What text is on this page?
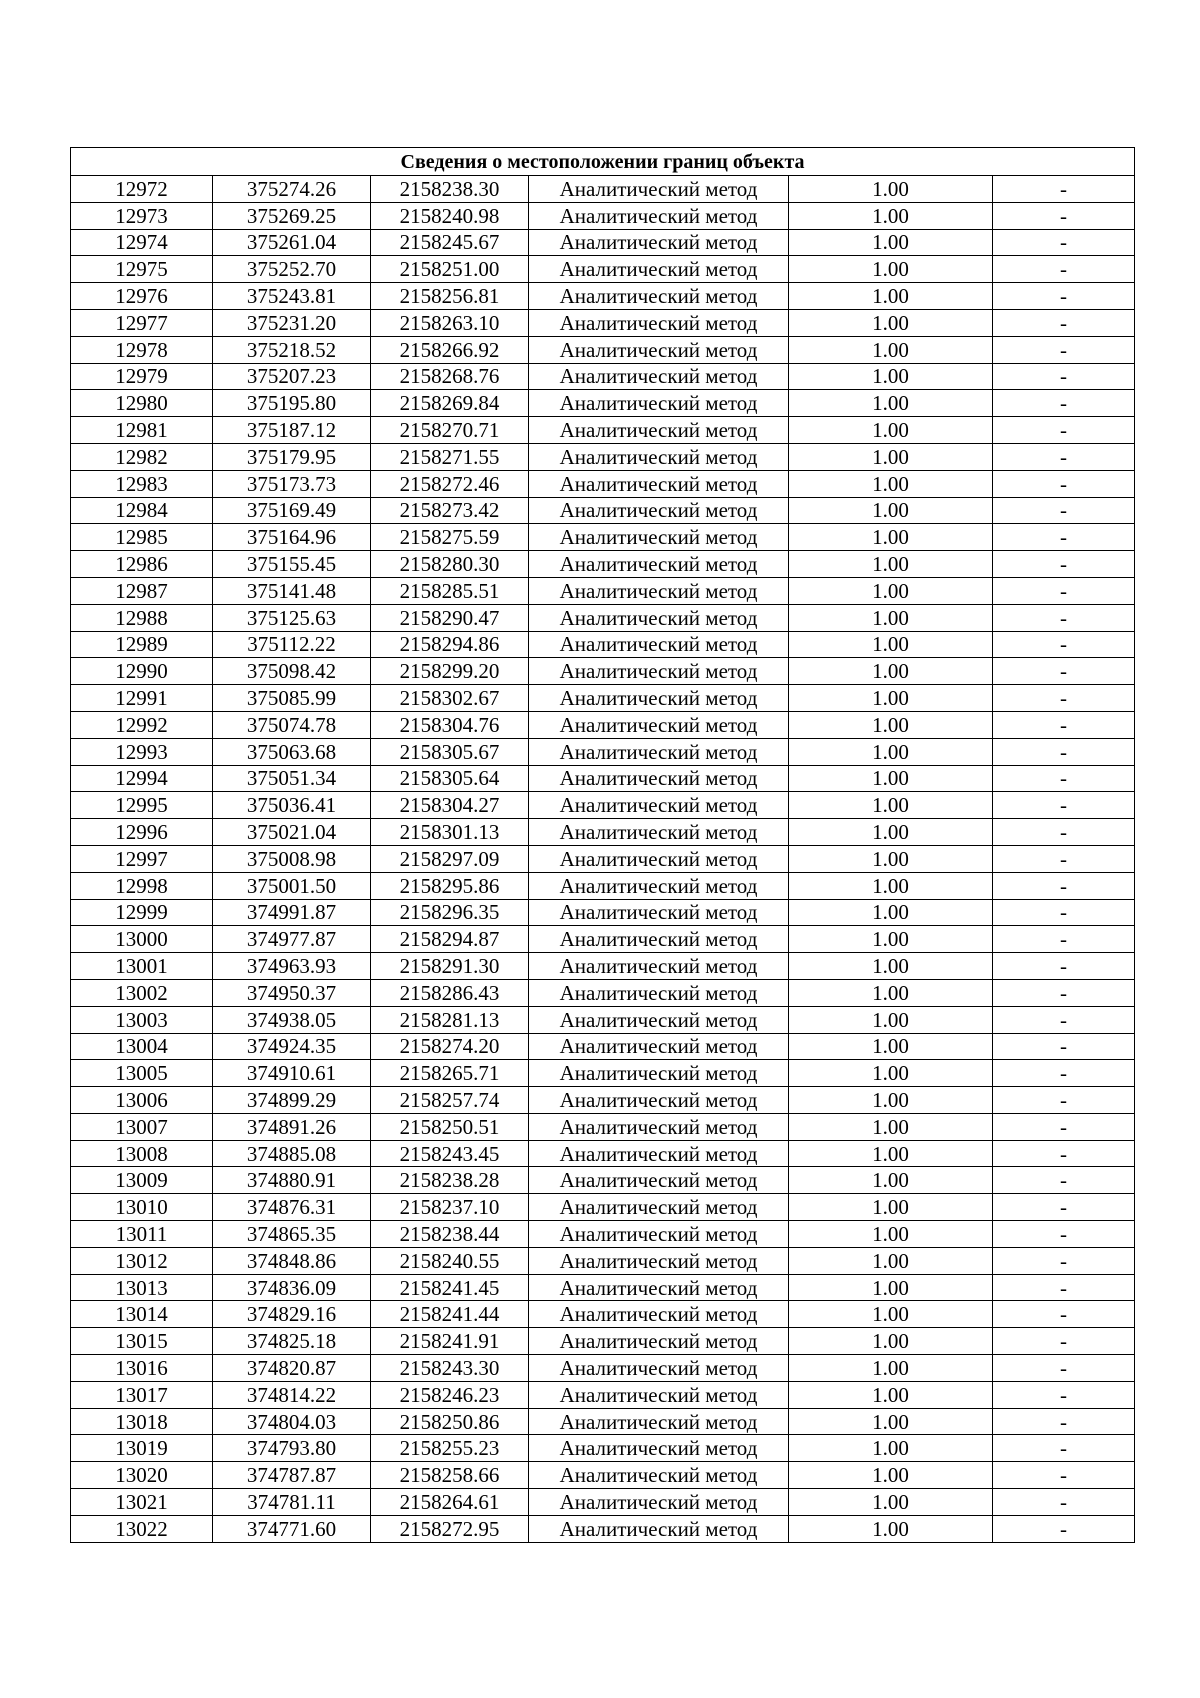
Сведения о местоположении границ объекта					
12972	375274.26	2158238.30	Аналитический метод	1.00	-
12973	375269.25	2158240.98	Аналитический метод	1.00	-
12974	375261.04	2158245.67	Аналитический метод	1.00	-
12975	375252.70	2158251.00	Аналитический метод	1.00	-
12976	375243.81	2158256.81	Аналитический метод	1.00	-
12977	375231.20	2158263.10	Аналитический метод	1.00	-
12978	375218.52	2158266.92	Аналитический метод	1.00	-
12979	375207.23	2158268.76	Аналитический метод	1.00	-
12980	375195.80	2158269.84	Аналитический метод	1.00	-
12981	375187.12	2158270.71	Аналитический метод	1.00	-
12982	375179.95	2158271.55	Аналитический метод	1.00	-
12983	375173.73	2158272.46	Аналитический метод	1.00	-
12984	375169.49	2158273.42	Аналитический метод	1.00	-
12985	375164.96	2158275.59	Аналитический метод	1.00	-
12986	375155.45	2158280.30	Аналитический метод	1.00	-
12987	375141.48	2158285.51	Аналитический метод	1.00	-
12988	375125.63	2158290.47	Аналитический метод	1.00	-
12989	375112.22	2158294.86	Аналитический метод	1.00	-
12990	375098.42	2158299.20	Аналитический метод	1.00	-
12991	375085.99	2158302.67	Аналитический метод	1.00	-
12992	375074.78	2158304.76	Аналитический метод	1.00	-
12993	375063.68	2158305.67	Аналитический метод	1.00	-
12994	375051.34	2158305.64	Аналитический метод	1.00	-
12995	375036.41	2158304.27	Аналитический метод	1.00	-
12996	375021.04	2158301.13	Аналитический метод	1.00	-
12997	375008.98	2158297.09	Аналитический метод	1.00	-
12998	375001.50	2158295.86	Аналитический метод	1.00	-
12999	374991.87	2158296.35	Аналитический метод	1.00	-
13000	374977.87	2158294.87	Аналитический метод	1.00	-
13001	374963.93	2158291.30	Аналитический метод	1.00	-
13002	374950.37	2158286.43	Аналитический метод	1.00	-
13003	374938.05	2158281.13	Аналитический метод	1.00	-
13004	374924.35	2158274.20	Аналитический метод	1.00	-
13005	374910.61	2158265.71	Аналитический метод	1.00	-
13006	374899.29	2158257.74	Аналитический метод	1.00	-
13007	374891.26	2158250.51	Аналитический метод	1.00	-
13008	374885.08	2158243.45	Аналитический метод	1.00	-
13009	374880.91	2158238.28	Аналитический метод	1.00	-
13010	374876.31	2158237.10	Аналитический метод	1.00	-
13011	374865.35	2158238.44	Аналитический метод	1.00	-
13012	374848.86	2158240.55	Аналитический метод	1.00	-
13013	374836.09	2158241.45	Аналитический метод	1.00	-
13014	374829.16	2158241.44	Аналитический метод	1.00	-
13015	374825.18	2158241.91	Аналитический метод	1.00	-
13016	374820.87	2158243.30	Аналитический метод	1.00	-
13017	374814.22	2158246.23	Аналитический метод	1.00	-
13018	374804.03	2158250.86	Аналитический метод	1.00	-
13019	374793.80	2158255.23	Аналитический метод	1.00	-
13020	374787.87	2158258.66	Аналитический метод	1.00	-
13021	374781.11	2158264.61	Аналитический метод	1.00	-
13022	374771.60	2158272.95	Аналитический метод	1.00	-
